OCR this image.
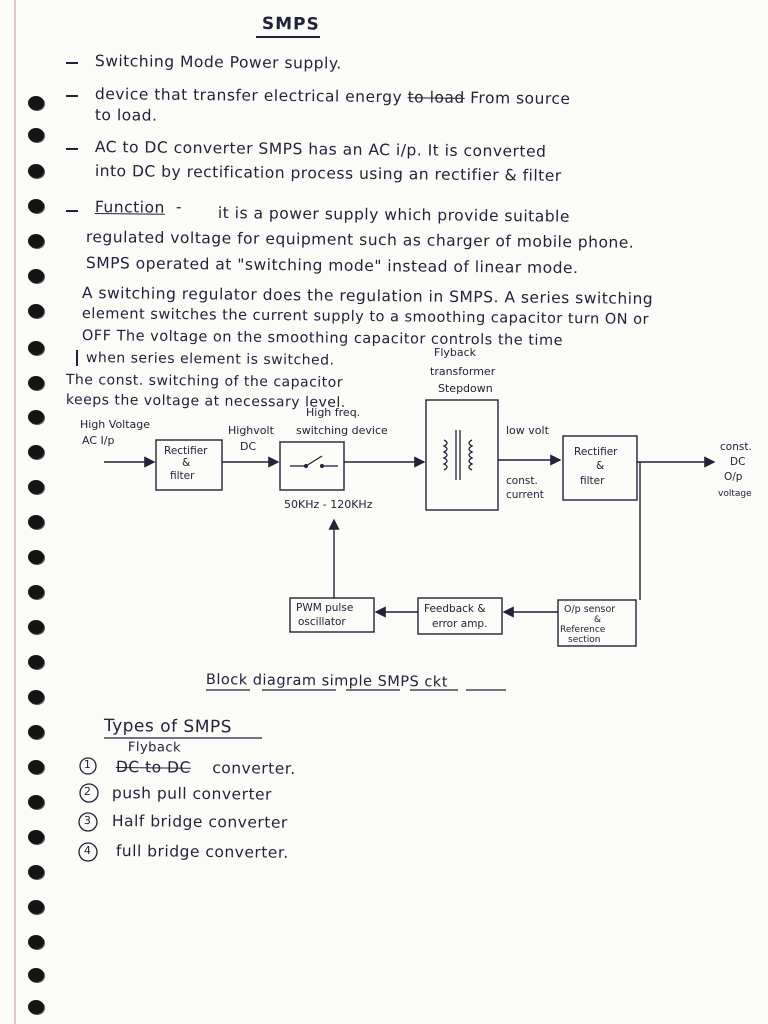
SMPS
Switching Mode Power supply.
device that transfer electrical energy to load From source
to load.
AC to DC converter SMPS has an AC i/p. It is converted
into DC by rectification process using an rectifier & filter
Function - it is a power supply which provide suitable
regulated voltage for equipment such as charger of mobile phone.
SMPS operated at "switching mode" instead of linear mode.
A switching regulator does the regulation in SMPS. A series switching
element switches the current supply to a smoothing capacitor turn ON or
OFF The voltage on the smoothing capacitor controls the time
when series element is switched.
The const. switching of the capacitor
keeps the voltage at necessary level.
High Voltage
AC I/p
Rectifier
&
filter
Highvolt
DC
High freq.
switching device
50KHz - 120KHz
Flyback
transformer
Stepdown
low volt
const.
current
Rectifier
&
filter
const.
DC
O/p
voltage
PWM pulse
oscillator
Feedback &
error amp.
O/p sensor
&
Reference
section
Block diagram simple SMPS ckt
Types of SMPS
Flyback
1 DC to DC converter.
2 push pull converter
3 Half bridge converter
4 full bridge converter.
